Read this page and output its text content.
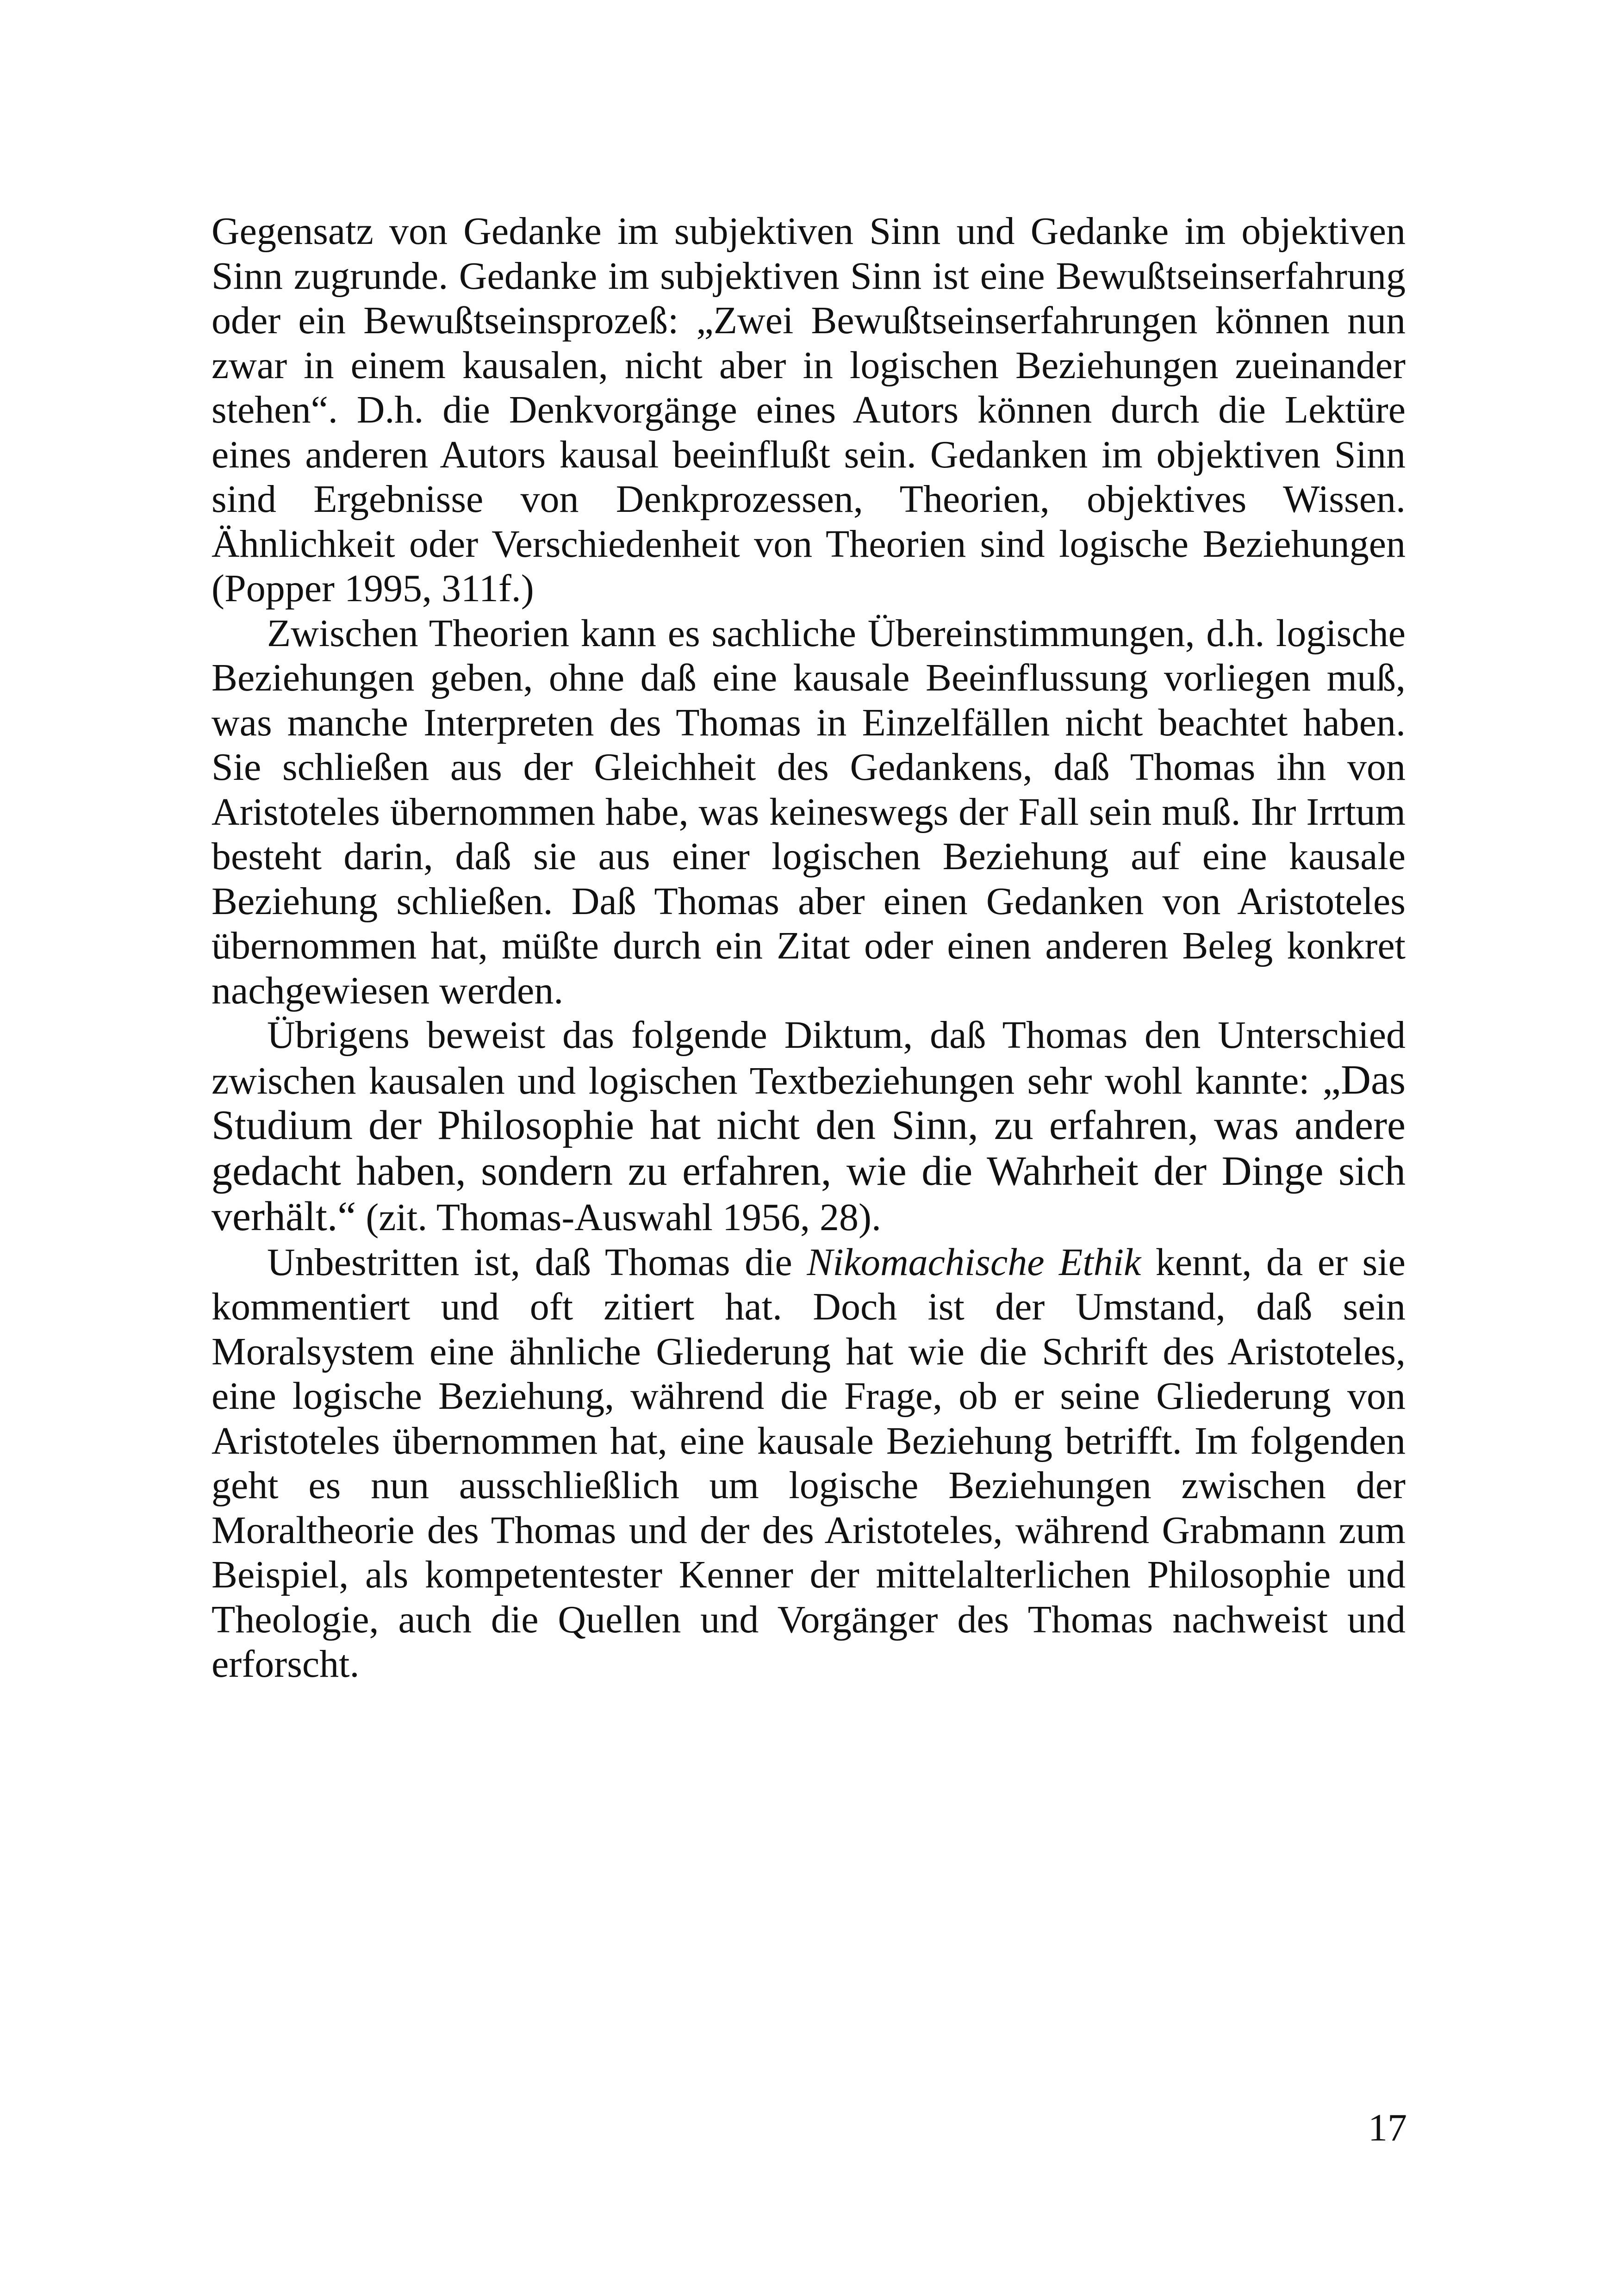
Gegensatz von Gedanke im subjektiven Sinn und Gedanke im objektiven Sinn zugrunde. Gedanke im subjektiven Sinn ist eine Bewußtseinserfahrung oder ein Bewußtseinsprozeß: „Zwei Bewußtseinserfahrungen können nun zwar in einem kausalen, nicht aber in logischen Beziehungen zueinander stehen“. D.h. die Denkvorgänge eines Autors können durch die Lektüre eines anderen Autors kausal beeinflußt sein. Gedanken im objektiven Sinn sind Ergebnisse von Denkprozessen, Theorien, objektives Wissen. Ähnlichkeit oder Verschiedenheit von Theorien sind logische Beziehungen (Popper 1995, 311f.)

Zwischen Theorien kann es sachliche Übereinstimmungen, d.h. logische Beziehungen geben, ohne daß eine kausale Beeinflussung vorliegen muß, was manche Interpreten des Thomas in Einzelfällen nicht beachtet haben. Sie schließen aus der Gleichheit des Gedankens, daß Thomas ihn von Aristoteles übernommen habe, was keineswegs der Fall sein muß. Ihr Irrtum besteht darin, daß sie aus einer logischen Beziehung auf eine kausale Beziehung schließen. Daß Thomas aber einen Gedanken von Aristoteles übernommen hat, müßte durch ein Zitat oder einen anderen Beleg konkret nachgewiesen werden.

Übrigens beweist das folgende Diktum, daß Thomas den Unterschied zwischen kausalen und logischen Textbeziehungen sehr wohl kannte: „Das Studium der Philosophie hat nicht den Sinn, zu erfahren, was andere gedacht haben, sondern zu erfahren, wie die Wahrheit der Dinge sich verhält.“ (zit. Thomas-Auswahl 1956, 28).

Unbestritten ist, daß Thomas die Nikomachische Ethik kennt, da er sie kommentiert und oft zitiert hat. Doch ist der Umstand, daß sein Moralsystem eine ähnliche Gliederung hat wie die Schrift des Aristoteles, eine logische Beziehung, während die Frage, ob er seine Gliederung von Aristoteles übernommen hat, eine kausale Beziehung betrifft. Im folgenden geht es nun ausschließlich um logische Beziehungen zwischen der Moraltheorie des Thomas und der des Aristoteles, während Grabmann zum Beispiel, als kompetentester Kenner der mittelalterlichen Philosophie und Theologie, auch die Quellen und Vorgänger des Thomas nachweist und erforscht.

17
